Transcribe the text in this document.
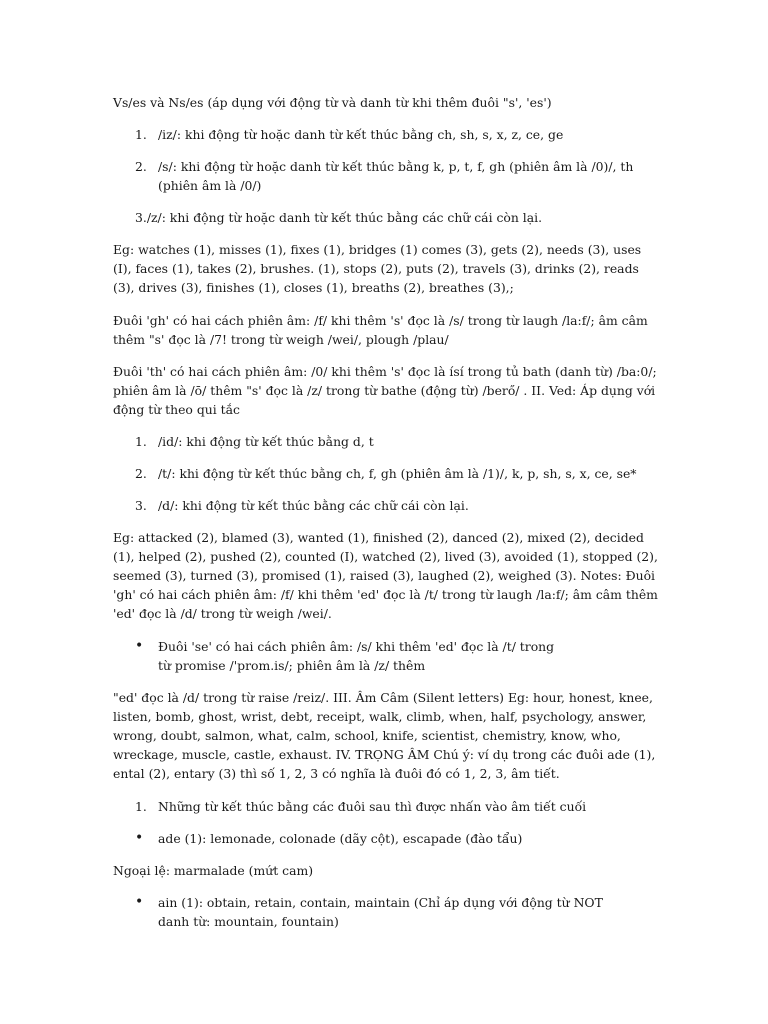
Vs/es và Ns/es (áp dụng với động từ và danh từ khi thêm đuôi "s', 'es')

1. /iz/: khi động từ hoặc danh từ kết thúc bằng ch, sh, s, x, z, ce, ge
2. /s/: khi động từ hoặc danh từ kết thúc bằng k, p, t, f, gh (phiên âm là /0)/, th (phiên âm là /0/)

3./z/: khi động từ hoặc danh từ kết thúc bằng các chữ cái còn lại.

Eg: watches (1), misses (1), fixes (1), bridges (1) comes (3), gets (2), needs (3), uses (I), faces (1), takes (2), brushes. (1), stops (2), puts (2), travels (3), drinks (2), reads (3), drives (3), finishes (1), closes (1), breaths (2), breathes (3),;

Đuôi 'gh' có hai cách phiên âm: /f/ khi thêm 's' đọc là /s/ trong từ laugh /la:f/; âm câm thêm "s' đọc là /7! trong từ weigh /wei/, plough /plau/

Đuôi 'th' có hai cách phiên âm: /0/ khi thêm 's' đọc là ísí trong tủ bath (danh từ) /ba:0/; phiên âm là /ō/ thêm "s' đọc là /z/ trong từ bathe (động từ) /berő/ . II. Ved: Áp dụng với động từ theo qui tắc

1. /id/: khi động từ kết thúc bằng d, t
2. /t/: khi động từ kết thúc bằng ch, f, gh (phiên âm là /1)/, k, p, sh, s, x, ce, se*
3. /d/: khi động từ kết thúc bằng các chữ cái còn lại.

Eg: attacked (2), blamed (3), wanted (1), finished (2), danced (2), mixed (2), decided (1), helped (2), pushed (2), counted (I), watched (2), lived (3), avoided (1), stopped (2), seemed (3), turned (3), promised (1), raised (3), laughed (2), weighed (3). Notes: Đuôi 'gh' có hai cách phiên âm: /f/ khi thêm 'ed' đọc là /t/ trong từ laugh /la:f/; âm câm thêm 'ed' đọc là /d/ trong từ weigh /wei/.

• Đuôi 'se' có hai cách phiên âm: /s/ khi thêm 'ed' đọc là /t/ trong từ promise /'prom.is/; phiên âm là /z/ thêm

"ed' đọc là /d/ trong từ raise /reiz/. III. Âm Câm (Silent letters) Eg: hour, honest, knee, listen, bomb, ghost, wrist, debt, receipt, walk, climb, when, half, psychology, answer, wrong, doubt, salmon, what, calm, school, knife, scientist, chemistry, know, who, wreckage, muscle, castle, exhaust. IV. TRỌNG ÂM Chú ý: ví dụ trong các đuôi ade (1), ental (2), entary (3) thì số 1, 2, 3 có nghĩa là đuôi đó có 1, 2, 3, âm tiết.

1. Những từ kết thúc bằng các đuôi sau thì được nhấn vào âm tiết cuối
• ade (1): lemonade, colonade (dãy cột), escapade (đào tẩu)

Ngoại lệ: marmalade (mứt cam)

• ain (1): obtain, retain, contain, maintain (Chỉ áp dụng với động từ NOT danh từ: mountain, fountain)
